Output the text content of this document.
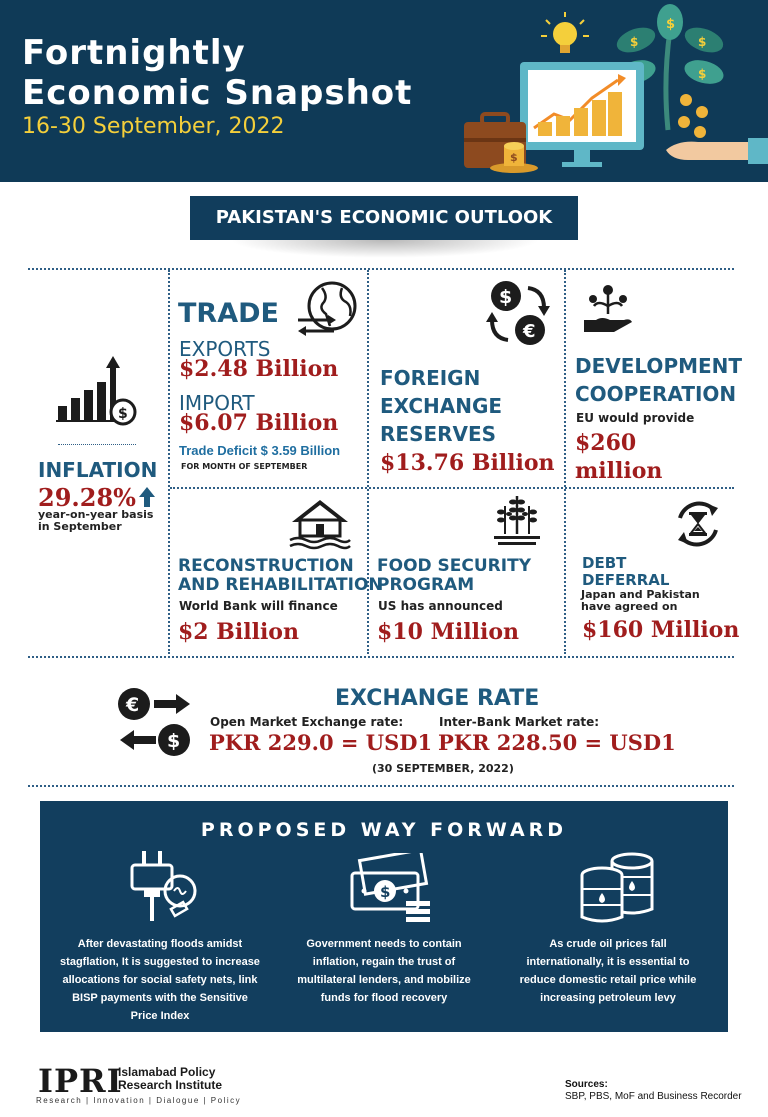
Fortnightly
Economic Snapshot
16-30 September, 2022
$
$	$
$
$
PAKISTAN'S ECONOMIC OUTLOOK
$
INFLATION
29.28%
year-on-year basis
in September
TRADE
EXPORTS
$2.48 Billion
IMPORT
$6.07 Billion
Trade Deficit $ 3.59 Billion
FOR MONTH OF SEPTEMBER
$
€
FOREIGN
EXCHANGE
RESERVES
$13.76 Billion
DEVELOPMENT
COOPERATION
EU would provide
$260
million
RECONSTRUCTION
AND REHABILITATION
World Bank will finance
$2 Billion
FOOD SECURITY
PROGRAM
US has announced
$10 Million
DEBT
DEFERRAL
Japan and Pakistan
have agreed on
$160 Million
€
$
EXCHANGE RATE
Open Market Exchange rate:
PKR 229.0 = USD1
Inter-Bank Market rate:
PKR 228.50 = USD1
(30 SEPTEMBER, 2022)
PROPOSED WAY FORWARD
$
After devastating floods amidst
stagflation, It is suggested to increase
allocations for social safety nets, link
BISP payments with the Sensitive
Price Index
Government needs to contain
inflation, regain the trust of
multilateral lenders, and mobilize
funds for flood recovery
As crude oil prices fall
internationally, it is essential to
reduce domestic retail price while
increasing petroleum levy
IPRI
Islamabad Policy
Research Institute
Research | Innovation | Dialogue | Policy
Sources:
SBP, PBS, MoF and Business Recorder
